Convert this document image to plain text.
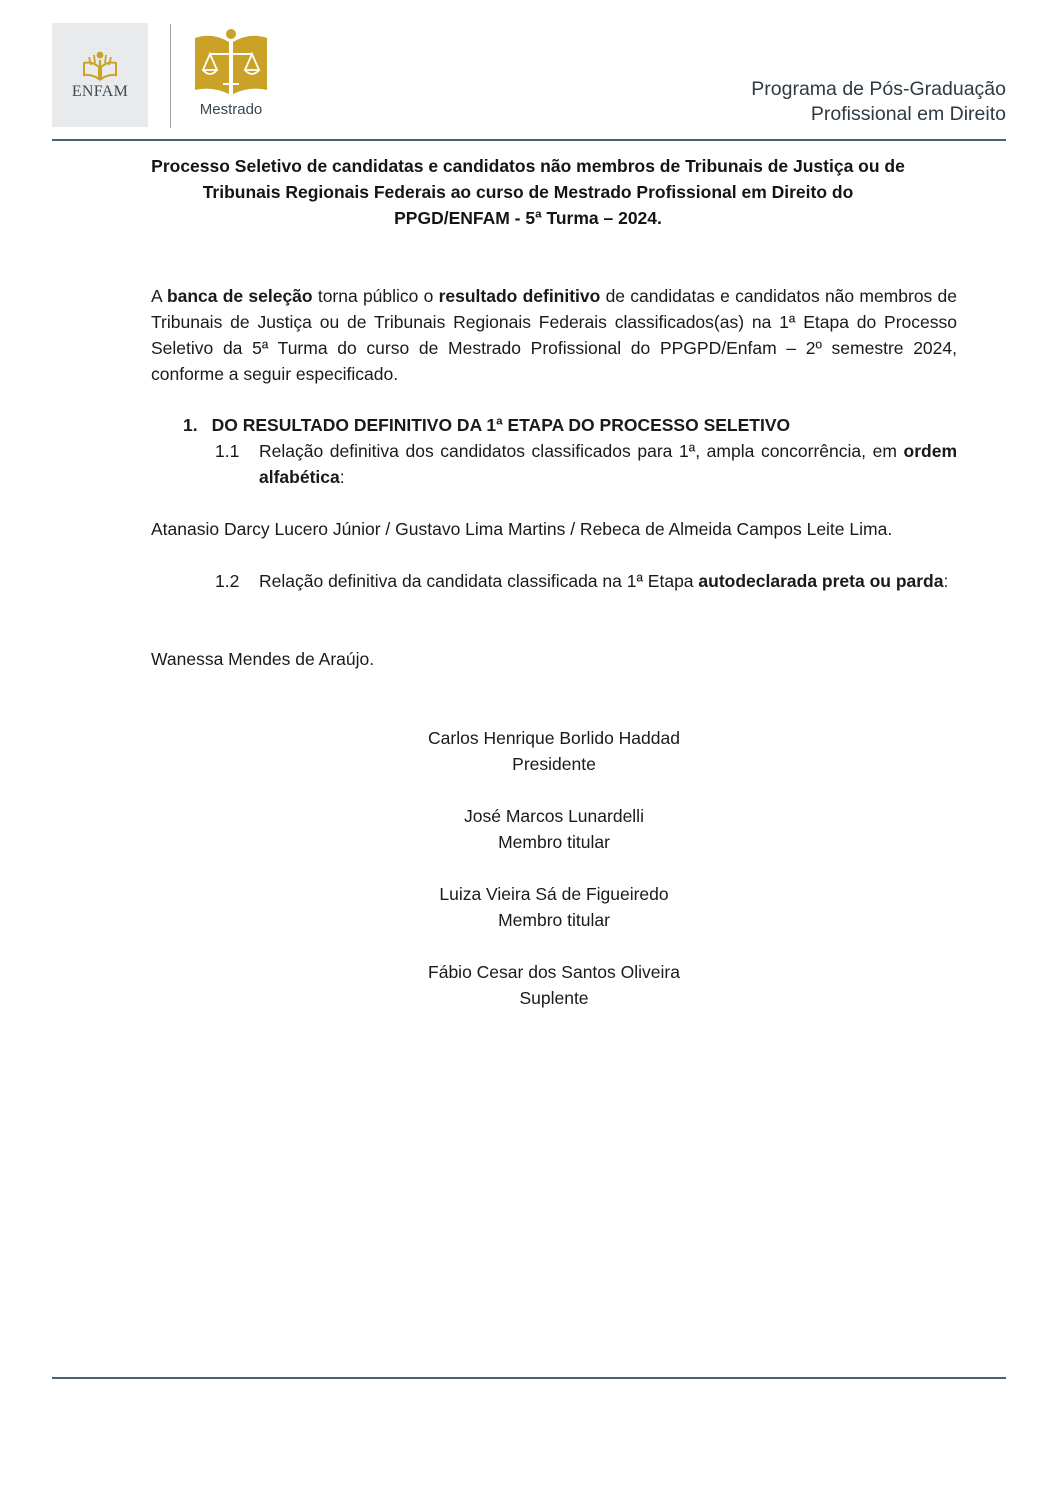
ENFAM
Mestrado
Programa de Pós-Graduação
Profissional em Direito
Processo Seletivo de candidatas e candidatos não membros de Tribunais de Justiça ou de
Tribunais Regionais Federais ao curso de Mestrado Profissional em Direito do
PPGD/ENFAM - 5ª Turma – 2024.
A banca de seleção torna público o resultado definitivo de candidatas e candidatos não membros de Tribunais de Justiça ou de Tribunais Regionais Federais classificados(as) na 1ª Etapa do Processo Seletivo da 5ª Turma do curso de Mestrado Profissional do PPGPD/Enfam – 2º semestre 2024, conforme a seguir especificado.
1. DO RESULTADO DEFINITIVO DA 1ª ETAPA DO PROCESSO SELETIVO
1.1 Relação definitiva dos candidatos classificados para 1ª, ampla concorrência, em ordem alfabética:
Atanasio Darcy Lucero Júnior / Gustavo Lima Martins / Rebeca de Almeida Campos Leite Lima.
1.2 Relação definitiva da candidata classificada na 1ª Etapa autodeclarada preta ou parda:
Wanessa Mendes de Araújo.
Carlos Henrique Borlido Haddad
Presidente
José Marcos Lunardelli
Membro titular
Luiza Vieira Sá de Figueiredo
Membro titular
Fábio Cesar dos Santos Oliveira
Suplente
